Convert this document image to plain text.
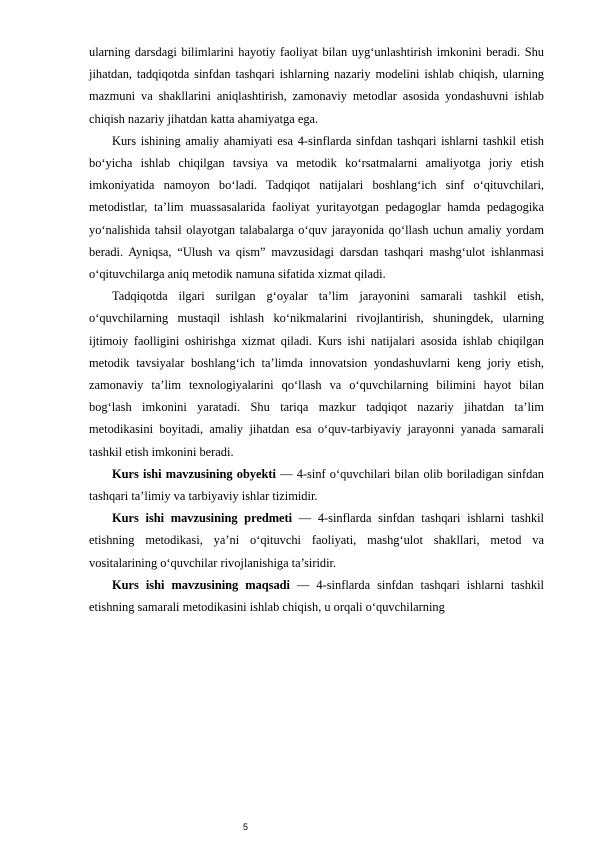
ularning darsdagi bilimlarini hayotiy faoliyat bilan uyg‘unlashtirish imkonini beradi. Shu jihatdan, tadqiqotda sinfdan tashqari ishlarning nazariy modelini ishlab chiqish, ularning mazmuni va shakllarini aniqlashtirish, zamonaviy metodlar asosida yondashuvni ishlab chiqish nazariy jihatdan katta ahamiyatga ega.

Kurs ishining amaliy ahamiyati esa 4-sinflarda sinfdan tashqari ishlarni tashkil etish bo‘yicha ishlab chiqilgan tavsiya va metodik ko‘rsatmalarni amaliyotga joriy etish imkoniyatida namoyon bo‘ladi. Tadqiqot natijalari boshlang‘ich sinf o‘qituvchilari, metodistlar, ta’lim muassasalarida faoliyat yuritayotgan pedagoglar hamda pedagogika yo‘nalishida tahsil olayotgan talabalarga o‘quv jarayonida qo‘llash uchun amaliy yordam beradi. Ayniqsa, “Ulush va qism” mavzusidagi darsdan tashqari mashg‘ulot ishlanmasi o‘qituvchilarga aniq metodik namuna sifatida xizmat qiladi.

Tadqiqotda ilgari surilgan g‘oyalar ta’lim jarayonini samarali tashkil etish, o‘quvchilarning mustaqil ishlash ko‘nikmalarini rivojlantirish, shuningdek, ularning ijtimoiy faolligini oshirishga xizmat qiladi. Kurs ishi natijalari asosida ishlab chiqilgan metodik tavsiyalar boshlang‘ich ta’limda innovatsion yondashuvlarni keng joriy etish, zamonaviy ta’lim texnologiyalarini qo‘llash va o‘quvchilarning bilimini hayot bilan bog‘lash imkonini yaratadi. Shu tariqa mazkur tadqiqot nazariy jihatdan ta’lim metodikasini boyitadi, amaliy jihatdan esa o‘quv-tarbiyaviy jarayonni yanada samarali tashkil etish imkonini beradi.

Kurs ishi mavzusining obyekti — 4-sinf o‘quvchilari bilan olib boriladigan sinfdan tashqari ta’limiy va tarbiyaviy ishlar tizimidir.

Kurs ishi mavzusining predmeti — 4-sinflarda sinfdan tashqari ishlarni tashkil etishning metodikasi, ya’ni o‘qituvchi faoliyati, mashg‘ulot shakllari, metod va vositalarining o‘quvchilar rivojlanishiga ta’siridir.

Kurs ishi mavzusining maqsadi — 4-sinflarda sinfdan tashqari ishlarni tashkil etishning samarali metodikasini ishlab chiqish, u orqali o‘quvchilarning

5
